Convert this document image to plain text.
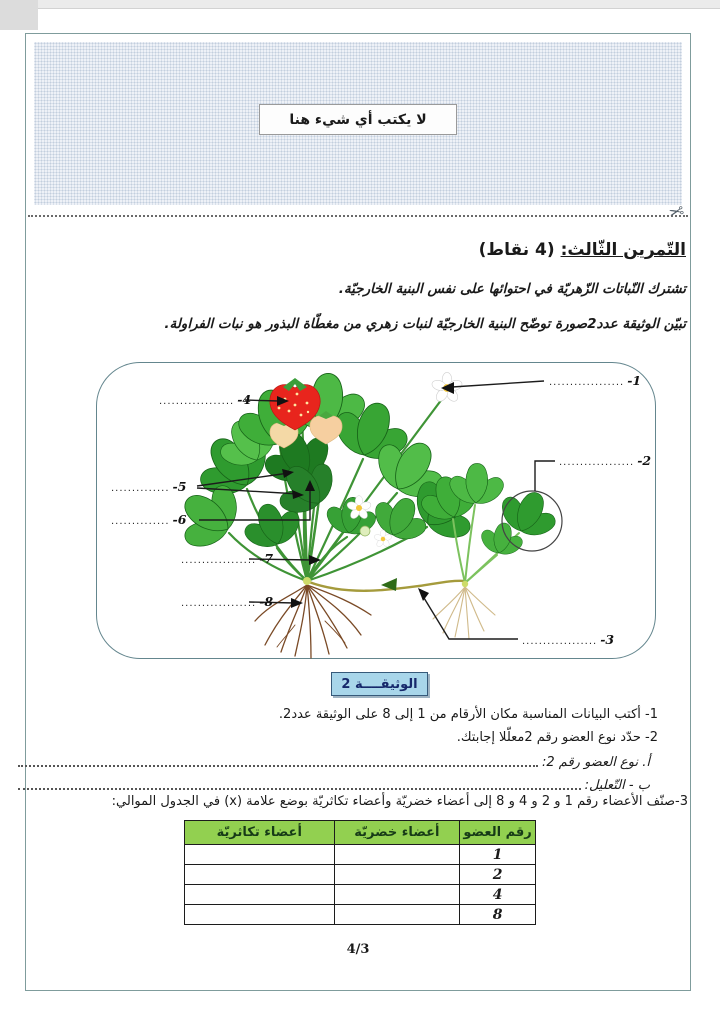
لا يكتب أي شيء هنا
✂
التّمرين الثّالث: (4 نقاط)
تشترك النّباتات الزّهريّة في احتوائها على نفس البنية الخارجيّة.
تبيّن الوثيقة عدد2صورة توضّح البنية الخارجيّة لنبات زهري من مغطّاة البذور هو نبات الفراولة.
.................. -1
.................. -2
.................. -3
.................. -4
.............. -5
.............. -6
.................. -7
.................. -8
الوثيقــــة 2
1- أكتب البيانات المناسبة مكان الأرقام من 1 إلى 8 على الوثيقة عدد2.
2- حدّد نوع العضو رقم 2معلّلا إجابتك.
أ. نوع العضو رقم 2:
ب - التّعليل:
3-صنّف الأعضاء رقم 1 و 2 و 4 و 8 إلى أعضاء خضريّة وأعضاء تكاثريّة بوضع علامة (x) في الجدول الموالي:
رقم العضو	أعضاء خضريّة	أعضاء تكاثريّة
1		
2		
4		
8		
4/3
